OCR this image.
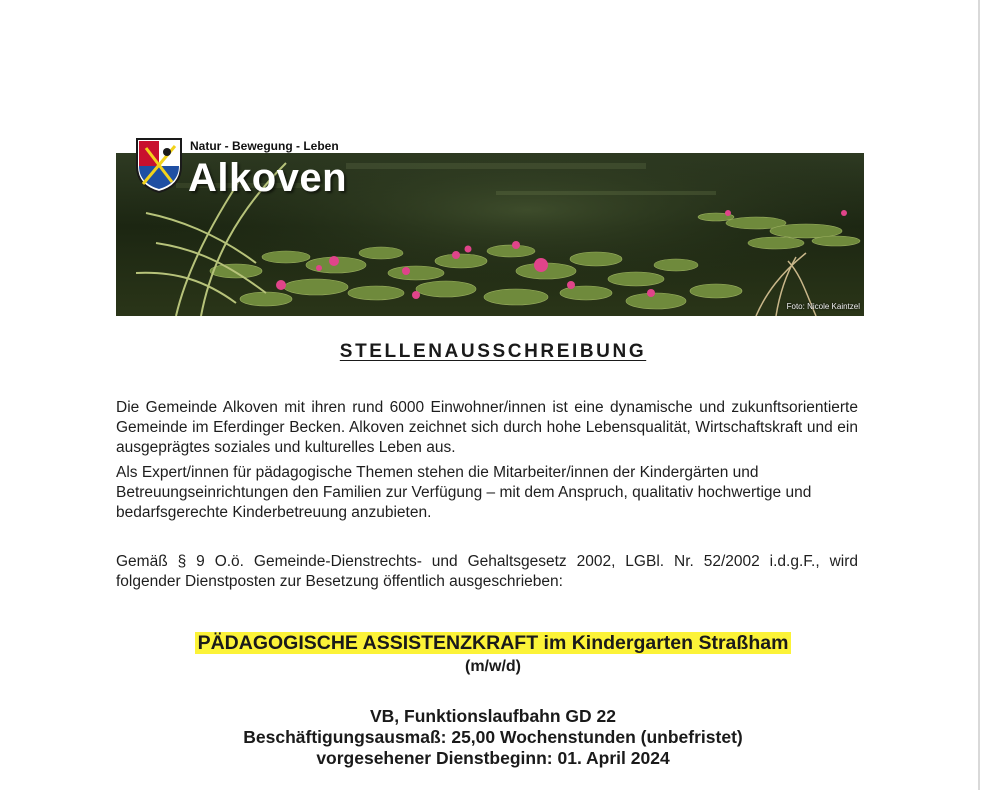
Foto: Nicole Kaintzel
Natur - Bewegung - Leben
Alkoven
STELLENAUSSCHREIBUNG
Die Gemeinde Alkoven mit ihren rund 6000 Einwohner/innen ist eine dynamische und zukunftsorientierte Gemeinde im Eferdinger Becken. Alkoven zeichnet sich durch hohe Lebensqualität, Wirtschaftskraft und ein ausgeprägtes soziales und kulturelles Leben aus.
Als Expert/innen für pädagogische Themen stehen die Mitarbeiter/innen der Kindergärten und Betreuungseinrichtungen den Familien zur Verfügung – mit dem Anspruch, qualitativ hochwertige und bedarfsgerechte Kinderbetreuung anzubieten.
Gemäß § 9 O.ö. Gemeinde-Dienstrechts- und Gehaltsgesetz 2002, LGBl. Nr. 52/2002 i.d.g.F., wird folgender Dienstposten zur Besetzung öffentlich ausgeschrieben:
PÄDAGOGISCHE ASSISTENZKRAFT im Kindergarten Straßham
(m/w/d)
VB, Funktionslaufbahn GD 22
Beschäftigungsausmaß: 25,00 Wochenstunden (unbefristet)
vorgesehener Dienstbeginn: 01. April 2024
